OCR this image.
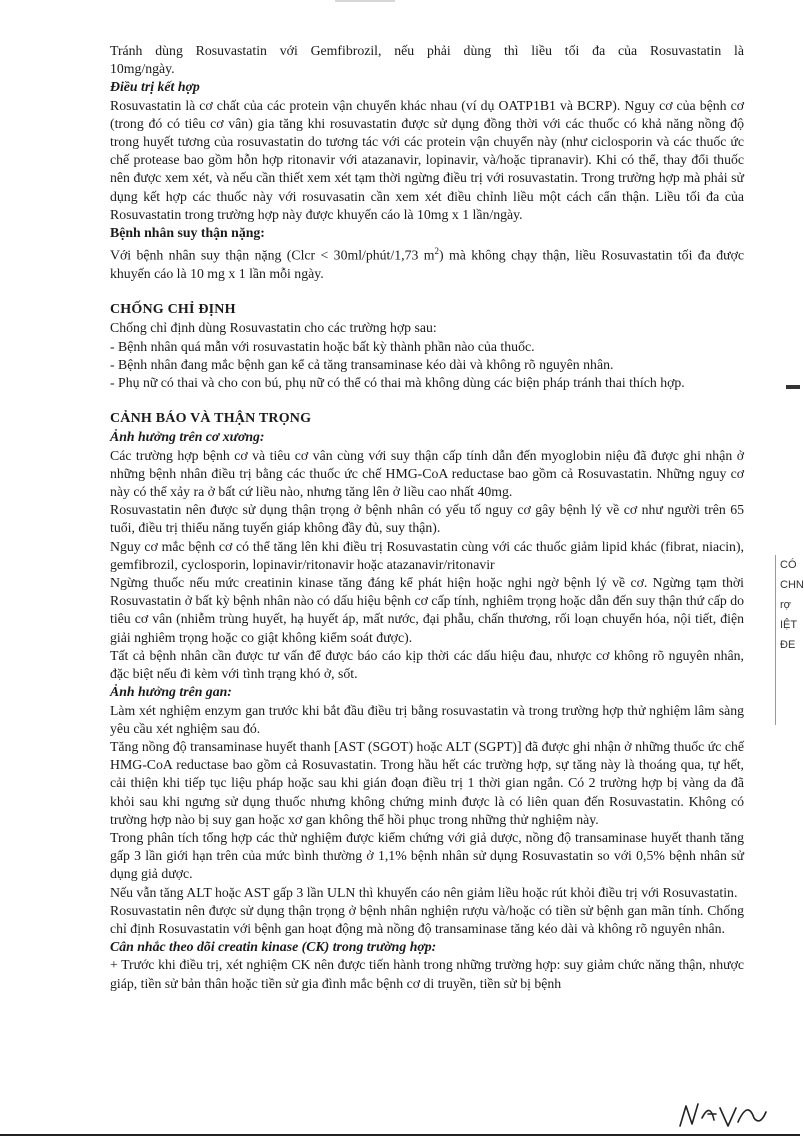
Tránh dùng Rosuvastatin với Gemfibrozil, nếu phải dùng thì liều tối đa của Rosuvastatin là

10mg/ngày.

Điều trị kết hợp

Rosuvastatin là cơ chất của các protein vận chuyển khác nhau (ví dụ OATP1B1 và BCRP). Nguy cơ của bệnh cơ (trong đó có tiêu cơ vân) gia tăng khi rosuvastatin được sử dụng đồng thời với các thuốc có khả năng nồng độ trong huyết tương của rosuvastatin do tương tác với các protein vận chuyển này (như ciclosporin và các thuốc ức chế protease bao gồm hỗn hợp ritonavir với atazanavir, lopinavir, và/hoặc tipranavir). Khi có thể, thay đổi thuốc nên được xem xét, và nếu cần thiết xem xét tạm thời ngừng điều trị với rosuvastatin. Trong trường hợp mà phải sử dụng kết hợp các thuốc này với rosuvasatin cần xem xét điều chỉnh liều một cách cẩn thận. Liều tối đa của Rosuvastatin trong trường hợp này được khuyến cáo là 10mg x 1 lần/ngày.

Bệnh nhân suy thận nặng:

Với bệnh nhân suy thận nặng (Clcr < 30ml/phút/1,73 $m^2$) mà không chạy thận, liều Rosuvastatin tối đa được khuyến cáo là 10 mg x 1 lần mỗi ngày.

CHỐNG CHỈ ĐỊNH

Chống chỉ định dùng Rosuvastatin cho các trường hợp sau:

- Bệnh nhân quá mẫn với rosuvastatin hoặc bất kỳ thành phần nào của thuốc.

- Bệnh nhân đang mắc bệnh gan kể cả tăng transaminase kéo dài và không rõ nguyên nhân.

- Phụ nữ có thai và cho con bú, phụ nữ có thể có thai mà không dùng các biện pháp tránh thai thích hợp.

CẢNH BÁO VÀ THẬN TRỌNG

Ảnh hưởng trên cơ xương:

Các trường hợp bệnh cơ và tiêu cơ vân cùng với suy thận cấp tính dẫn đến myoglobin niệu đã được ghi nhận ở những bệnh nhân điều trị bằng các thuốc ức chế HMG-CoA reductase bao gồm cả Rosuvastatin. Những nguy cơ này có thể xảy ra ở bất cứ liều nào, nhưng tăng lên ở liều cao nhất 40mg.

Rosuvastatin nên được sử dụng thận trọng ở bệnh nhân có yếu tố nguy cơ gây bệnh lý về cơ như người trên 65 tuổi, điều trị thiểu năng tuyến giáp không đầy đủ, suy thận).

Nguy cơ mắc bệnh cơ có thể tăng lên khi điều trị Rosuvastatin cùng với các thuốc giảm lipid khác (fibrat, niacin), gemfibrozil, cyclosporin, lopinavir/ritonavir hoặc atazanavir/ritonavir

Ngừng thuốc nếu mức creatinin kinase tăng đáng kể phát hiện hoặc nghi ngờ bệnh lý về cơ. Ngừng tạm thời Rosuvastatin ở bất kỳ bệnh nhân nào có dấu hiệu bệnh cơ cấp tính, nghiêm trọng hoặc dẫn đến suy thận thứ cấp do tiêu cơ vân (nhiễm trùng huyết, hạ huyết áp, mất nước, đại phẫu, chấn thương, rối loạn chuyển hóa, nội tiết, điện giải nghiêm trọng hoặc co giật không kiểm soát được).

Tất cả bệnh nhân cần được tư vấn để được báo cáo kịp thời các dấu hiệu đau, nhược cơ không rõ nguyên nhân, đặc biệt nếu đi kèm với tình trạng khó ở, sốt.

Ảnh hưởng trên gan:

Làm xét nghiệm enzym gan trước khi bắt đầu điều trị bằng rosuvastatin và trong trường hợp thử nghiệm lâm sàng yêu cầu xét nghiệm sau đó.

Tăng nồng độ transaminase huyết thanh [AST (SGOT) hoặc ALT (SGPT)] đã được ghi nhận ở những thuốc ức chế HMG-CoA reductase bao gồm cả Rosuvastatin. Trong hầu hết các trường hợp, sự tăng này là thoáng qua, tự hết, cải thiện khi tiếp tục liệu pháp hoặc sau khi gián đoạn điều trị 1 thời gian ngắn. Có 2 trường hợp bị vàng da đã khỏi sau khi ngưng sử dụng thuốc nhưng không chứng minh được là có liên quan đến Rosuvastatin. Không có trường hợp nào bị suy gan hoặc xơ gan không thể hồi phục trong những thử nghiệm này.

Trong phân tích tổng hợp các thử nghiệm được kiểm chứng với giả dược, nồng độ transaminase huyết thanh tăng gấp 3 lần giới hạn trên của mức bình thường ở 1,1% bệnh nhân sử dụng Rosuvastatin so với 0,5% bệnh nhân sử dụng giả dược.

Nếu vẫn tăng ALT hoặc AST gấp 3 lần ULN thì khuyến cáo nên giảm liều hoặc rút khỏi điều trị với Rosuvastatin.

Rosuvastatin nên được sử dụng thận trọng ở bệnh nhân nghiện rượu và/hoặc có tiền sử bệnh gan mãn tính. Chống chỉ định Rosuvastatin với bệnh gan hoạt động mà nồng độ transaminase tăng kéo dài và không rõ nguyên nhân.

Cân nhắc theo dõi creatin kinase (CK) trong trường hợp:

+ Trước khi điều trị, xét nghiệm CK nên được tiến hành trong những trường hợp: suy giảm chức năng thận, nhược giáp, tiền sử bản thân hoặc tiền sử gia đình mắc bệnh cơ di truyền, tiền sử bị bệnh

CÓ
CHN
rợ
IỆT
ĐE
